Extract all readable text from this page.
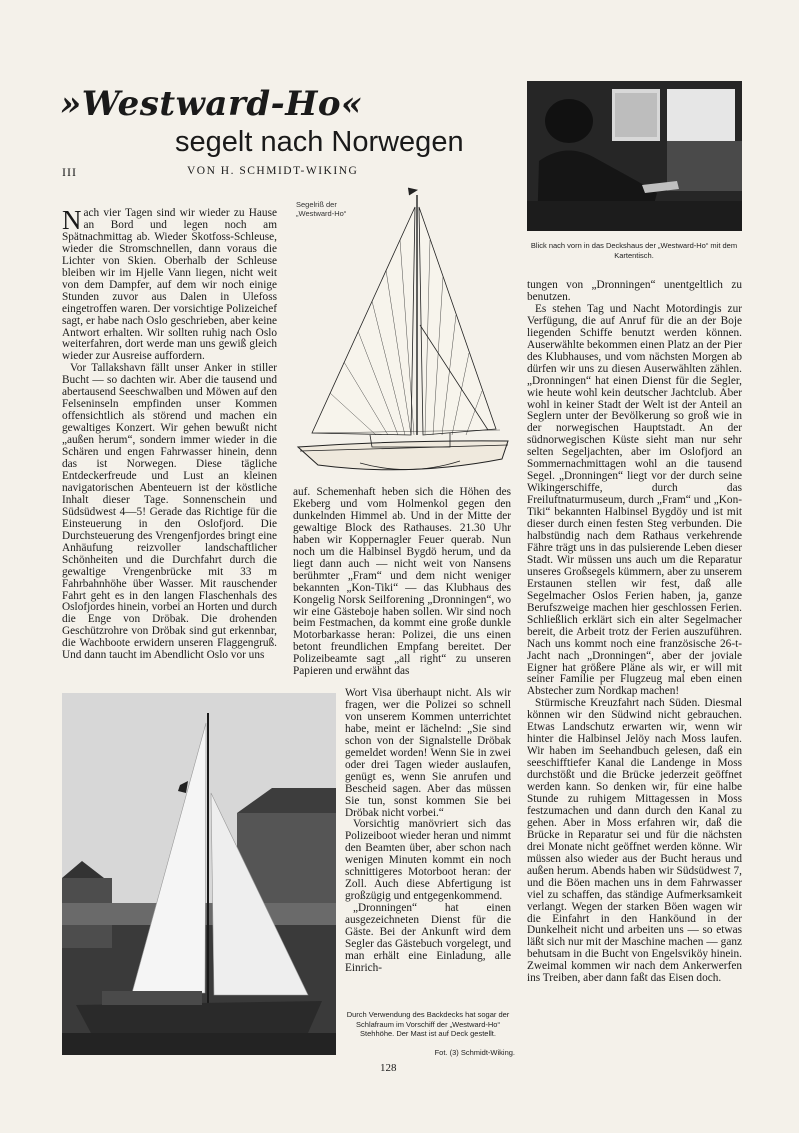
»Westward-Ho«
segelt nach Norwegen
III	VON H. SCHMIDT-WIKING
Blick nach vorn in das Deckshaus der „Westward-Ho“ mit dem Kartentisch.
Segelriß der „Westward-Ho“
Durch Verwendung des Backdecks hat sogar der Schlafraum im Vorschiff der „Westward-Ho“ Stehhöhe. Der Mast ist auf Deck gestellt.
Fot. (3) Schmidt-Wiking.

Nach vier Tagen sind wir wieder zu Hause an Bord und legen noch am Spätnachmittag ab. Wieder Skotfoss-Schleuse, wieder die Stromschnellen, dann voraus die Lichter von Skien. Oberhalb der Schleuse bleiben wir im Hjelle Vann liegen, nicht weit von dem Dampfer, auf dem wir noch einige Stunden zuvor aus Dalen in Ulefoss eingetroffen waren. Der vorsichtige Polizeichef sagt, er habe nach Oslo geschrieben, aber keine Antwort erhalten. Wir sollten ruhig nach Oslo weiterfahren, dort werde man uns gewiß gleich wieder zur Ausreise auffordern.

Vor Tallakshavn fällt unser Anker in stiller Bucht — so dachten wir. Aber die tausend und abertausend Seeschwalben und Möwen auf den Felseninseln empfinden unser Kommen offensichtlich als störend und machen ein gewaltiges Konzert. Wir gehen bewußt nicht „außen herum“, sondern immer wieder in die Schären und engen Fahrwasser hinein, denn das ist Norwegen. Diese tägliche Entdeckerfreude und Lust an kleinen navigatorischen Abenteuern ist der köstliche Inhalt dieser Tage. Sonnenschein und Südsüdwest 4—5! Gerade das Richtige für die Einsteuerung in den Oslofjord. Die Durchsteuerung des Vrengenfjordes bringt eine Anhäufung reizvoller landschaftlicher Schönheiten und die Durchfahrt durch die gewaltige Vrengenbrücke mit 33 m Fahrbahnhöhe über Wasser. Mit rauschender Fahrt geht es in den langen Flaschenhals des Oslofjordes hinein, vorbei an Horten und durch die Enge von Dröbak. Die drohenden Geschützrohre von Dröbak sind gut erkennbar, die Wachboote erwidern unseren Flaggengruß. Und dann taucht im Abendlicht Oslo vor uns

auf. Schemenhaft heben sich die Höhen des Ekeberg und vom Holmenkol gegen den dunkelnden Himmel ab. Und in der Mitte der gewaltige Block des Rathauses. 21.30 Uhr haben wir Koppernagler Feuer querab. Nun noch um die Halbinsel Bygdö herum, und da liegt dann auch — nicht weit von Nansens berühmter „Fram“ und dem nicht weniger bekannten „Kon-Tiki“ — das Klubhaus des Kongelig Norsk Seilforening „Dronningen“, wo wir eine Gästeboje haben sollen. Wir sind noch beim Festmachen, da kommt eine große dunkle Motorbarkasse heran: Polizei, die uns einen betont freundlichen Empfang bereitet. Der Polizeibeamte sagt „all right“ zu unseren Papieren und erwähnt das

Wort Visa überhaupt nicht. Als wir fragen, wer die Polizei so schnell von unserem Kommen unterrichtet habe, meint er lächelnd: „Sie sind schon von der Signalstelle Dröbak gemeldet worden! Wenn Sie in zwei oder drei Tagen wieder auslaufen, genügt es, wenn Sie anrufen und Bescheid sagen. Aber das müssen Sie tun, sonst kommen Sie bei Dröbak nicht vorbei.“

Vorsichtig manövriert sich das Polizeiboot wieder heran und nimmt den Beamten über, aber schon nach wenigen Minuten kommt ein noch schnittigeres Motorboot heran: der Zoll. Auch diese Abfertigung ist großzügig und entgegenkommend.

„Dronningen“ hat einen ausgezeichneten Dienst für die Gäste. Bei der Ankunft wird dem Segler das Gästebuch vorgelegt, und man erhält eine Einladung, alle Einrich-

tungen von „Dronningen“ unentgeltlich zu benutzen.

Es stehen Tag und Nacht Motordingis zur Verfügung, die auf Anruf für die an der Boje liegenden Schiffe benutzt werden können. Auserwählte bekommen einen Platz an der Pier des Klubhauses, und vom nächsten Morgen ab dürfen wir uns zu diesen Auserwählten zählen. „Dronningen“ hat einen Dienst für die Segler, wie heute wohl kein deutscher Jachtclub. Aber wohl in keiner Stadt der Welt ist der Anteil an Seglern unter der Bevölkerung so groß wie in der norwegischen Hauptstadt. An der südnorwegischen Küste sieht man nur sehr selten Segeljachten, aber im Oslofjord an Sommernachmittagen wohl an die tausend Segel. „Dronningen“ liegt vor der durch seine Wikingerschiffe, durch das Freiluftnaturmuseum, durch „Fram“ und „Kon-Tiki“ bekannten Halbinsel Bygdöy und ist mit dieser durch einen festen Steg verbunden. Die halbstündig nach dem Rathaus verkehrende Fähre trägt uns in das pulsierende Leben dieser Stadt. Wir müssen uns auch um die Reparatur unseres Großsegels kümmern, aber zu unserem Erstaunen stellen wir fest, daß alle Segelmacher Oslos Ferien haben, ja, ganze Berufszweige machen hier geschlossen Ferien. Schließlich erklärt sich ein alter Segelmacher bereit, die Arbeit trotz der Ferien auszuführen. Nach uns kommt noch eine französische 26-t-Jacht nach „Dronningen“, aber der joviale Eigner hat größere Pläne als wir, er will mit seiner Familie per Flugzeug mal eben einen Abstecher zum Nordkap machen!

Stürmische Kreuzfahrt nach Süden. Diesmal können wir den Südwind nicht gebrauchen. Etwas Landschutz erwarten wir, wenn wir hinter die Halbinsel Jelöy nach Moss laufen. Wir haben im Seehandbuch gelesen, daß ein seeschifftiefer Kanal die Landenge in Moss durchstößt und die Brücke jederzeit geöffnet werden kann. So denken wir, für eine halbe Stunde zu ruhigem Mittagessen in Moss festzumachen und dann durch den Kanal zu gehen. Aber in Moss erfahren wir, daß die Brücke in Reparatur sei und für die nächsten drei Monate nicht geöffnet werden könne. Wir müssen also wieder aus der Bucht heraus und außen herum. Abends haben wir Südsüdwest 7, und die Böen machen uns in dem Fahrwasser viel zu schaffen, das ständige Aufmerksamkeit verlangt. Wegen der starken Böen wagen wir die Einfahrt in den Hanköund in der Dunkelheit nicht und arbeiten uns — so etwas läßt sich nur mit der Maschine machen — ganz behutsam in die Bucht von Engelsviköy hinein. Zweimal kommen wir nach dem Ankerwerfen ins Treiben, aber dann faßt das Eisen doch.

128
